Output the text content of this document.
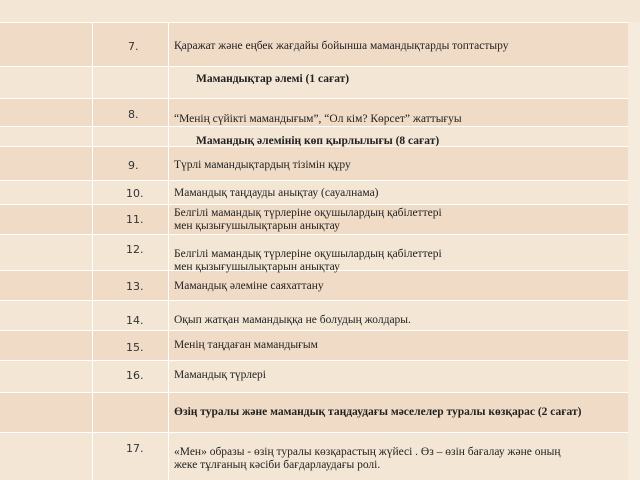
7.	Қаражат және еңбек жағдайы бойынша мамандықтарды топтастыру
Мамандықтар әлемі (1 сағат)
8.	“Менің сүйікті мамандығым”, “Ол кім? Көрсет” жаттығуы
Мамандық әлемінің көп қырлылығы (8 сағат)
9.	Түрлі мамандықтардың тізімін құру
10.	Мамандық таңдауды анықтау (сауалнама)
11.	Белгілі мамандық түрлеріне оқушылардың қабілеттері
мен қызығушылықтарын анықтау
12.	Белгілі мамандық түрлеріне оқушылардың қабілеттері
мен қызығушылықтарын анықтау
13.	Мамандық әлеміне саяхаттану
14.	Оқып жатқан мамандыққа не болудың жолдары.
15.	Менің таңдаған мамандығым
16.	Мамандық түрлері
Өзің туралы және мамандық таңдаудағы мәселелер туралы көзқарас (2 сағат)
17.	«Мен» образы - өзің туралы көзқарастың жүйесі . Өз – өзін бағалау және оның
жеке тұлғаның кәсіби бағдарлаудағы ролі.
